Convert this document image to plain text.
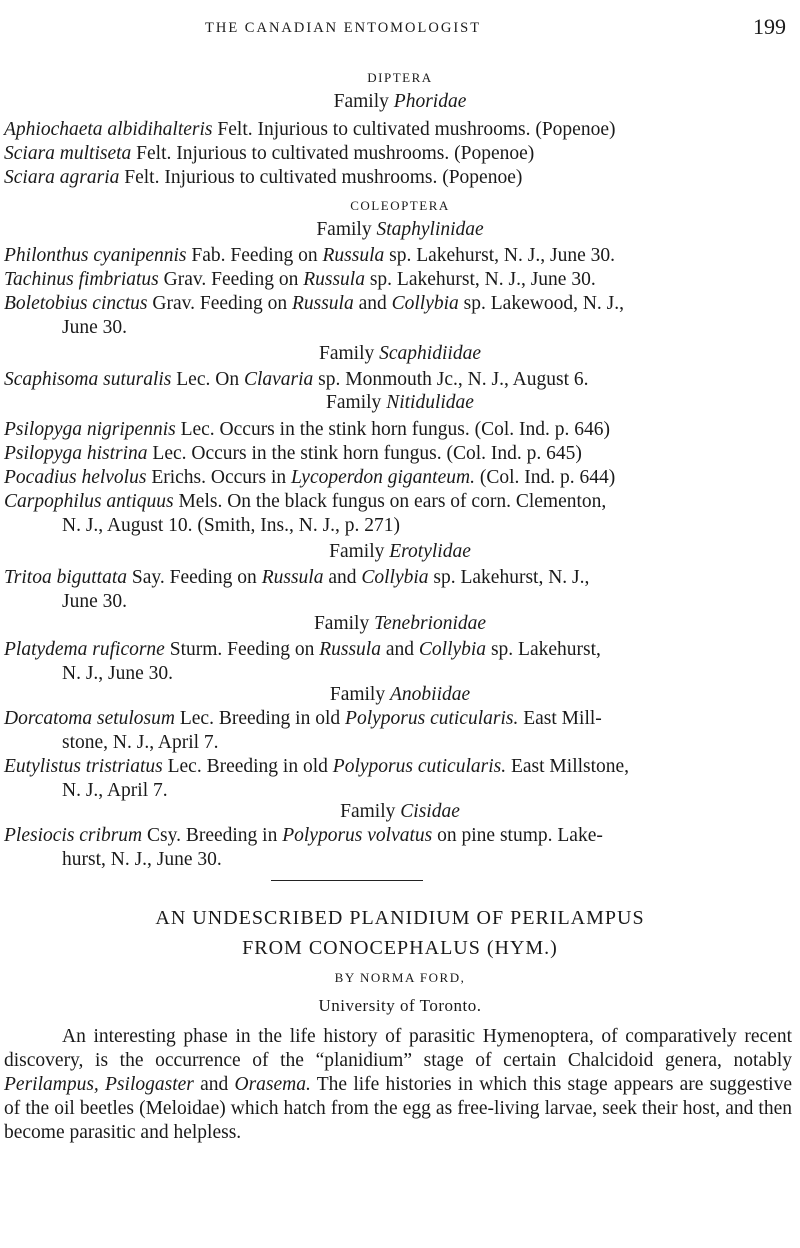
THE CANADIAN ENTOMOLOGIST	199
DIPTERA
Family Phoridae
Aphiochaeta albidihalteris Felt. Injurious to cultivated mushrooms. (Popenoe)
Sciara multiseta Felt. Injurious to cultivated mushrooms. (Popenoe)
Sciara agraria Felt. Injurious to cultivated mushrooms. (Popenoe)
COLEOPTERA
Family Staphylinidae
Philonthus cyanipennis Fab. Feeding on Russula sp. Lakehurst, N. J., June 30.
Tachinus fimbriatus Grav. Feeding on Russula sp. Lakehurst, N. J., June 30.
Boletobius cinctus Grav. Feeding on Russula and Collybia sp. Lakewood, N. J.,
June 30.
Family Scaphidiidae
Scaphisoma suturalis Lec. On Clavaria sp. Monmouth Jc., N. J., August 6.
Family Nitidulidae
Psilopyga nigripennis Lec. Occurs in the stink horn fungus. (Col. Ind. p. 646)
Psilopyga histrina Lec. Occurs in the stink horn fungus. (Col. Ind. p. 645)
Pocadius helvolus Erichs. Occurs in Lycoperdon giganteum. (Col. Ind. p. 644)
Carpophilus antiquus Mels. On the black fungus on ears of corn. Clementon,
N. J., August 10. (Smith, Ins., N. J., p. 271)
Family Erotylidae
Tritoa biguttata Say. Feeding on Russula and Collybia sp. Lakehurst, N. J.,
June 30.
Family Tenebrionidae
Platydema ruficorne Sturm. Feeding on Russula and Collybia sp. Lakehurst,
N. J., June 30.
Family Anobiidae
Dorcatoma setulosum Lec. Breeding in old Polyporus cuticularis. East Mill-
stone, N. J., April 7.
Eutylistus tristriatus Lec. Breeding in old Polyporus cuticularis. East Millstone,
N. J., April 7.
Family Cisidae
Plesiocis cribrum Csy. Breeding in Polyporus volvatus on pine stump. Lake-
hurst, N. J., June 30.
AN UNDESCRIBED PLANIDIUM OF PERILAMPUS
FROM CONOCEPHALUS (HYM.)
BY NORMA FORD,
University of Toronto.

An interesting phase in the life history of parasitic Hymenoptera, of comparatively recent discovery, is the occurrence of the “planidium” stage of certain Chalcidoid genera, notably Perilampus, Psilogaster and Orasema. The life histories in which this stage appears are suggestive of the oil beetles (Meloidae) which hatch from the egg as free-living larvae, seek their host, and then become parasitic and helpless.
